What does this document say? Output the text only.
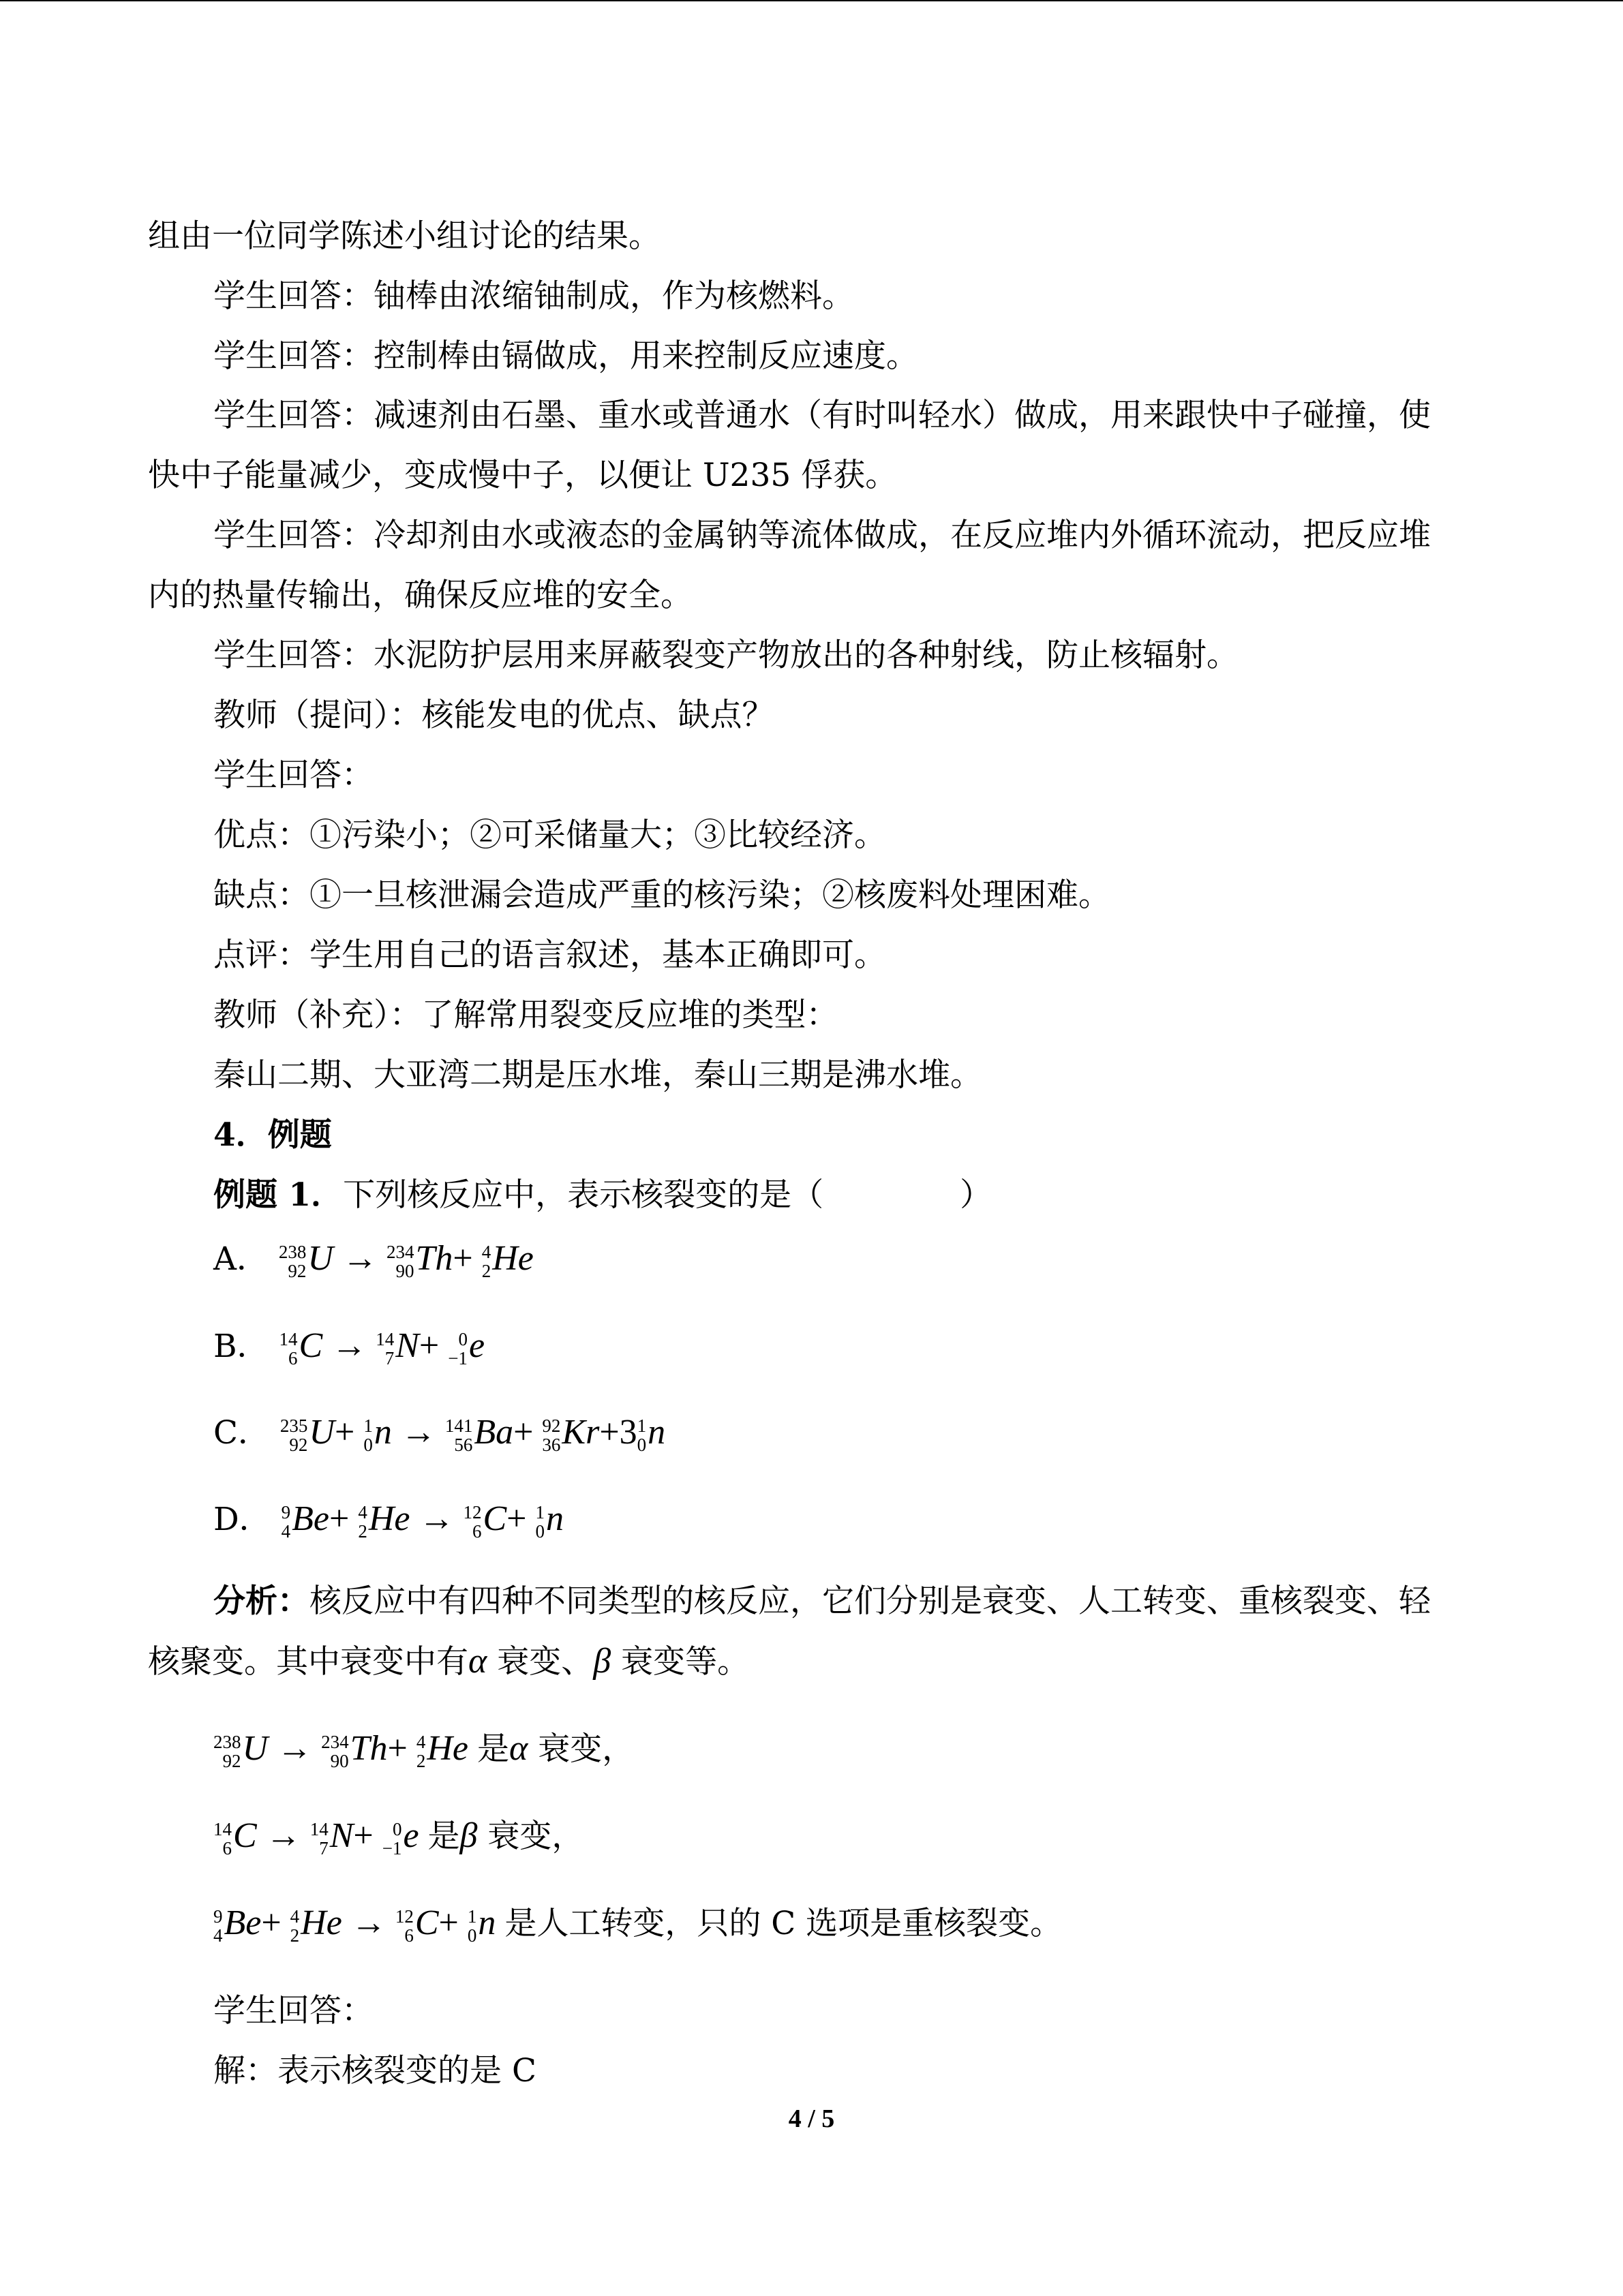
组由一位同学陈述小组讨论的结果。
学生回答：铀棒由浓缩铀制成，作为核燃料。
学生回答：控制棒由镉做成，用来控制反应速度。
学生回答：减速剂由石墨、重水或普通水（有时叫轻水）做成，用来跟快中子碰撞，使
快中子能量减少，变成慢中子，以便让 U235 俘获。
学生回答：冷却剂由水或液态的金属钠等流体做成，在反应堆内外循环流动，把反应堆
内的热量传输出，确保反应堆的安全。
学生回答：水泥防护层用来屏蔽裂变产物放出的各种射线，防止核辐射。
教师（提问）：核能发电的优点、缺点？
学生回答：
优点：①污染小；②可采储量大；③比较经济。
缺点：①一旦核泄漏会造成严重的核污染；②核废料处理困难。
点评：学生用自己的语言叙述，基本正确即可。
教师（补充）：了解常用裂变反应堆的类型：
秦山二期、大亚湾二期是压水堆，秦山三期是沸水堆。
4．例题
例题 1．下列核反应中，表示核裂变的是（	）
A． 238
92 U → 234
90 Th+ 4
2 He
B． 14
6 C → 14
7 N+	0
−1 e
C． 235
92 U+ 1
0 n → 141
56 Ba+ 92
36 Kr+3 1
0 n
D． 9
4 Be+ 4
2 He → 12
6 C+ 1
0 n
分析：核反应中有四种不同类型的核反应，它们分别是衰变、人工转变、重核裂变、轻
核聚变。其中衰变中有α 衰变、β 衰变等。
238
92 U → 234
90 Th+ 4
2 He 是α 衰变，
14
6 C → 14
7 N+	0
−1 e 是β 衰变，
9
4 Be+ 4
2 He → 12
6 C+ 1
0 n 是人工转变，只的 C 选项是重核裂变。
学生回答：
解：表示核裂变的是 C
4 / 5
